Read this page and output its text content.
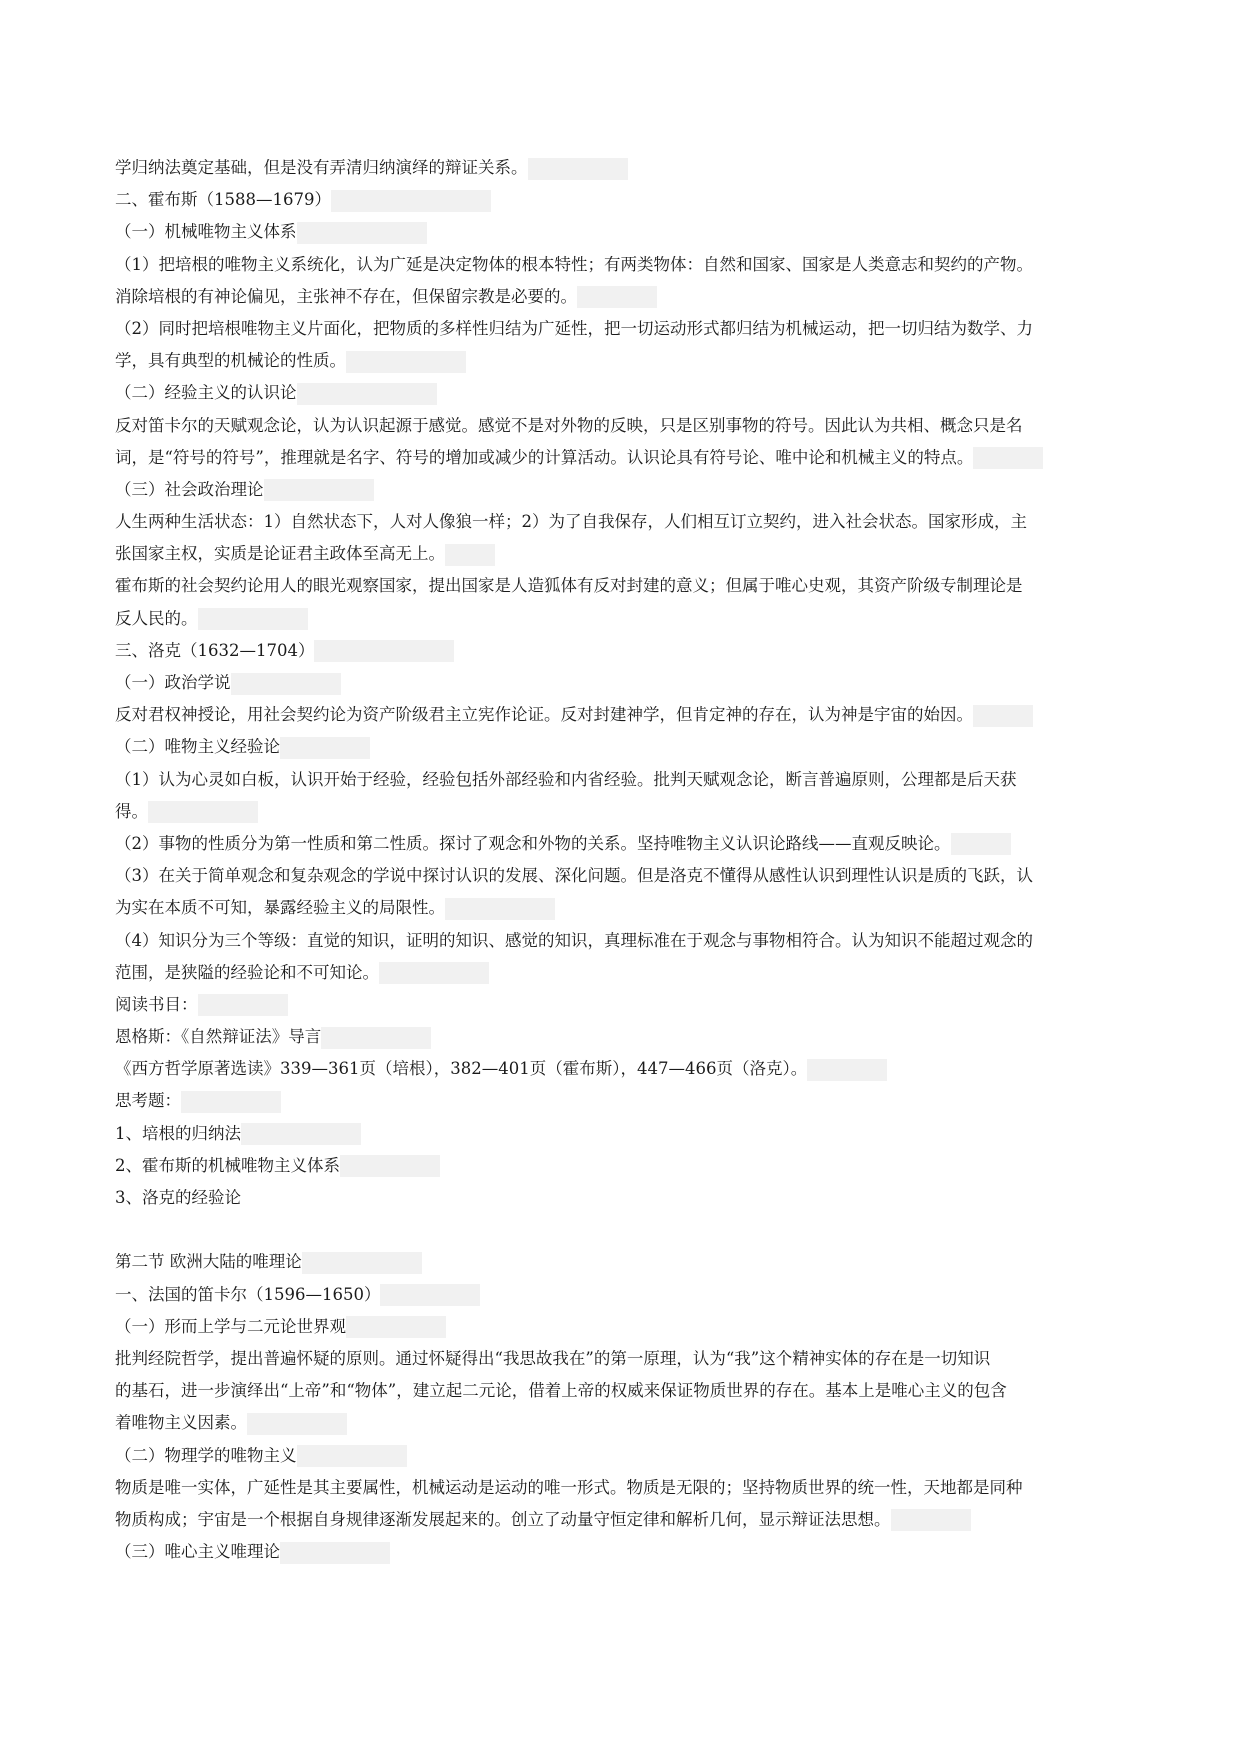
学归纳法奠定基础，但是没有弄清归纳演绎的辩证关系。
二、霍布斯（1588—1679）
（一）机械唯物主义体系
（1）把培根的唯物主义系统化，认为广延是决定物体的根本特性；有两类物体：自然和国家、国家是人类意志和契约的产物。
消除培根的有神论偏见，主张神不存在，但保留宗教是必要的。
（2）同时把培根唯物主义片面化，把物质的多样性归结为广延性，把一切运动形式都归结为机械运动，把一切归结为数学、力
学，具有典型的机械论的性质。
（二）经验主义的认识论
反对笛卡尔的天赋观念论，认为认识起源于感觉。感觉不是对外物的反映，只是区别事物的符号。因此认为共相、概念只是名
词，是“符号的符号”，推理就是名字、符号的增加或减少的计算活动。认识论具有符号论、唯中论和机械主义的特点。
（三）社会政治理论
人生两种生活状态：1）自然状态下，人对人像狼一样；2）为了自我保存，人们相互订立契约，进入社会状态。国家形成，主
张国家主权，实质是论证君主政体至高无上。
霍布斯的社会契约论用人的眼光观察国家，提出国家是人造狐体有反对封建的意义；但属于唯心史观，其资产阶级专制理论是
反人民的。
三、洛克（1632—1704）
（一）政治学说
反对君权神授论，用社会契约论为资产阶级君主立宪作论证。反对封建神学，但肯定神的存在，认为神是宇宙的始因。
（二）唯物主义经验论
（1）认为心灵如白板，认识开始于经验，经验包括外部经验和内省经验。批判天赋观念论，断言普遍原则，公理都是后天获
得。
（2）事物的性质分为第一性质和第二性质。探讨了观念和外物的关系。坚持唯物主义认识论路线——直观反映论。
（3）在关于简单观念和复杂观念的学说中探讨认识的发展、深化问题。但是洛克不懂得从感性认识到理性认识是质的飞跃，认
为实在本质不可知，暴露经验主义的局限性。
（4）知识分为三个等级：直觉的知识，证明的知识、感觉的知识，真理标准在于观念与事物相符合。认为知识不能超过观念的
范围，是狭隘的经验论和不可知论。
阅读书目：
恩格斯：《自然辩证法》导言
《西方哲学原著选读》339—361页（培根），382—401页（霍布斯），447—466页（洛克）。
思考题：
1、培根的归纳法
2、霍布斯的机械唯物主义体系
3、洛克的经验论
第二节 欧洲大陆的唯理论
一、法国的笛卡尔（1596—1650）
（一）形而上学与二元论世界观
批判经院哲学，提出普遍怀疑的原则。通过怀疑得出“我思故我在”的第一原理，认为“我”这个精神实体的存在是一切知识
的基石，进一步演绎出“上帝”和“物体”，建立起二元论，借着上帝的权威来保证物质世界的存在。基本上是唯心主义的包含
着唯物主义因素。
（二）物理学的唯物主义
物质是唯一实体，广延性是其主要属性，机械运动是运动的唯一形式。物质是无限的；坚持物质世界的统一性，天地都是同种
物质构成；宇宙是一个根据自身规律逐渐发展起来的。创立了动量守恒定律和解析几何，显示辩证法思想。
（三）唯心主义唯理论
